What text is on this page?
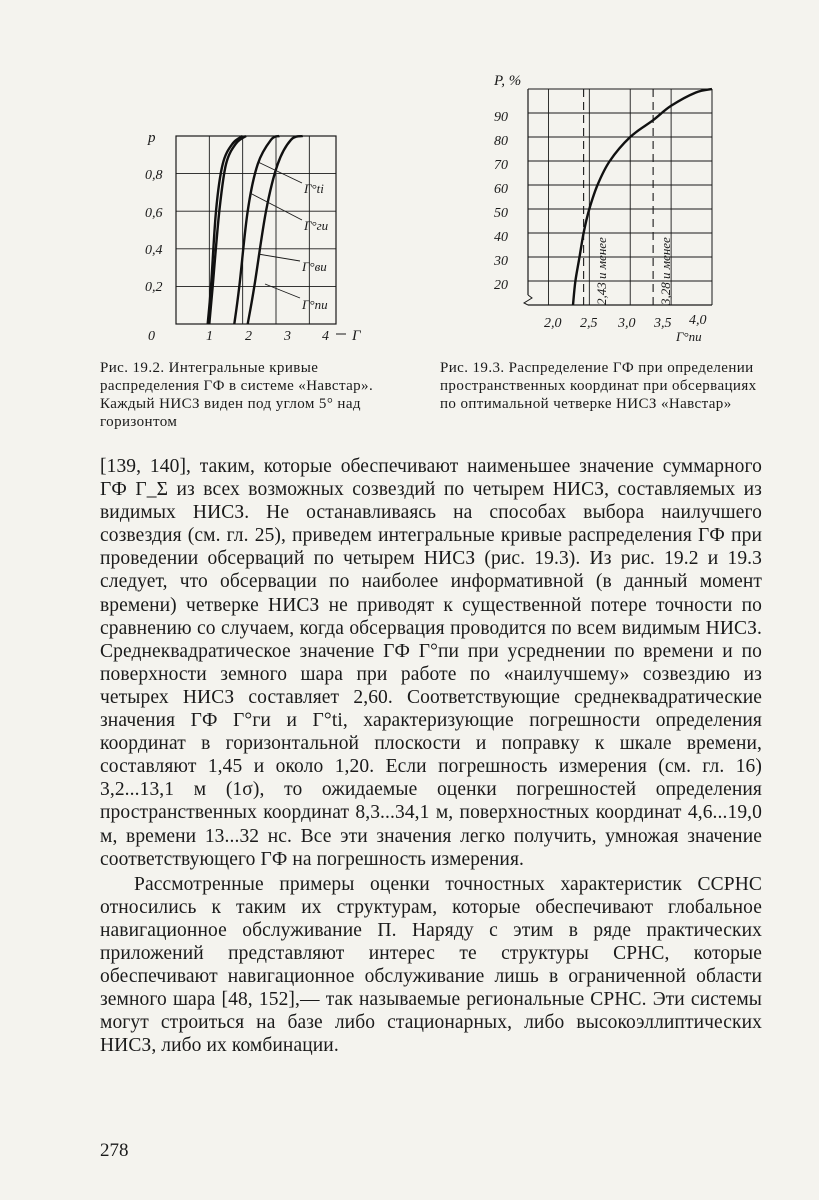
p
0,8
0,6
0,4
0,2
0	1 2 3 4 Г
Г°ti
Г°ги
Г°ви
Г°пи
P, %
90
80
70
60
50
40
30
20
2,0 2,5 3,0 3,5 4,0
Г°пи
2,43 и менее	3,28 и менее
Рис. 19.2. Интегральные кривые распределения ГФ в системе «Навстар». Каждый НИСЗ виден под углом 5° над горизонтом
Рис. 19.3. Распределение ГФ при определении пространственных координат при обсервациях по оптимальной четверке НИСЗ «Навстар»

[139, 140], таким, которые обеспечивают наименьшее значение суммарного ГФ Г_Σ из всех возможных созвездий по четырем НИСЗ, составляемых из видимых НИСЗ. Не останавливаясь на способах выбора наилучшего созвездия (см. гл. 25), приведем интегральные кривые распределения ГФ при проведении обсерваций по четырем НИСЗ (рис. 19.3). Из рис. 19.2 и 19.3 следует, что обсервации по наиболее информативной (в данный момент времени) четверке НИСЗ не приводят к существенной потере точности по сравнению со случаем, когда обсервация проводится по всем видимым НИСЗ. Среднеквадратическое значение ГФ Г°пи при усреднении по времени и по поверхности земного шара при работе по «наилучшему» созвездию из четырех НИСЗ составляет 2,60. Соответствующие среднеквадратические значения ГФ Г°ги и Г°ti, характеризующие погрешности определения координат в горизонтальной плоскости и поправку к шкале времени, составляют 1,45 и около 1,20. Если погрешность измерения (см. гл. 16) 3,2...13,1 м (1σ), то ожидаемые оценки погрешностей определения пространственных координат 8,3...34,1 м, поверхностных координат 4,6...19,0 м, времени 13...32 нс. Все эти значения легко получить, умножая значение соответствующего ГФ на погрешность измерения.

Рассмотренные примеры оценки точностных характеристик ССРНС относились к таким их структурам, которые обеспечивают глобальное навигационное обслуживание П. Наряду с этим в ряде практических приложений представляют интерес те структуры СРНС, которые обеспечивают навигационное обслуживание лишь в ограниченной области земного шара [48, 152],— так называемые региональные СРНС. Эти системы могут строиться на базе либо стационарных, либо высокоэллиптических НИСЗ, либо их комбинации.

278
